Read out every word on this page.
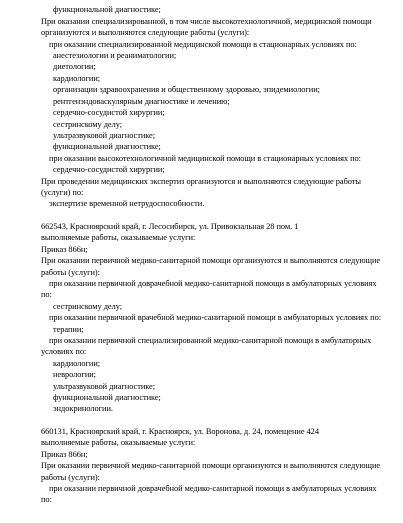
функциональной диагностике;
При оказании специализированной, в том числе высокотехнологичной, медицинской помощи
организуются и выполняются следующие работы (услуги):
при оказании специализированной медицинской помощи в стационарных условиях по:
анестезиологии и реаниматологии;
диетологии;
кардиологии;
организации здравоохранения и общественному здоровью, эпидемиологии;
рентгенэндоваскулярным диагностике и лечению;
сердечно-сосудистой хирургии;
сестринскому делу;
ультразвуковой диагностике;
функциональной диагностике;
при оказании высокотехнологичной медицинской помощи в стационарных условиях по:
сердечно-сосудистой хирургии;
При проведении медицинских экспертиз организуются и выполняются следующие работы
(услуги) по:
экспертизе временной нетрудоспособности.
662543, Красноярский край, г. Лесосибирск, ул. Привокзальная 28 пом. 1
выполняемые работы, оказываемые услуги:
Приказ 866н;
При оказании первичной медико-санитарной помощи организуются и выполняются следующие
работы (услуги):
при оказании первичной доврачебной медико-санитарной помощи в амбулаторных условиях
по:
сестринскому делу;
при оказании первичной врачебной медико-санитарной помощи в амбулаторных условиях по:
терапии;
при оказании первичной специализированной медико-санитарной помощи в амбулаторных
условиях по:
кардиологии;
неврологии;
ультразвуковой диагностике;
функциональной диагностике;
эндокринологии.
660131, Красноярский край, г. Красноярск, ул. Воронова, д. 24, помещение 424
выполняемые работы, оказываемые услуги:
Приказ 866н;
При оказании первичной медико-санитарной помощи организуются и выполняются следующие
работы (услуги):
при оказании первичной доврачебной медико-санитарной помощи в амбулаторных условиях
по:
